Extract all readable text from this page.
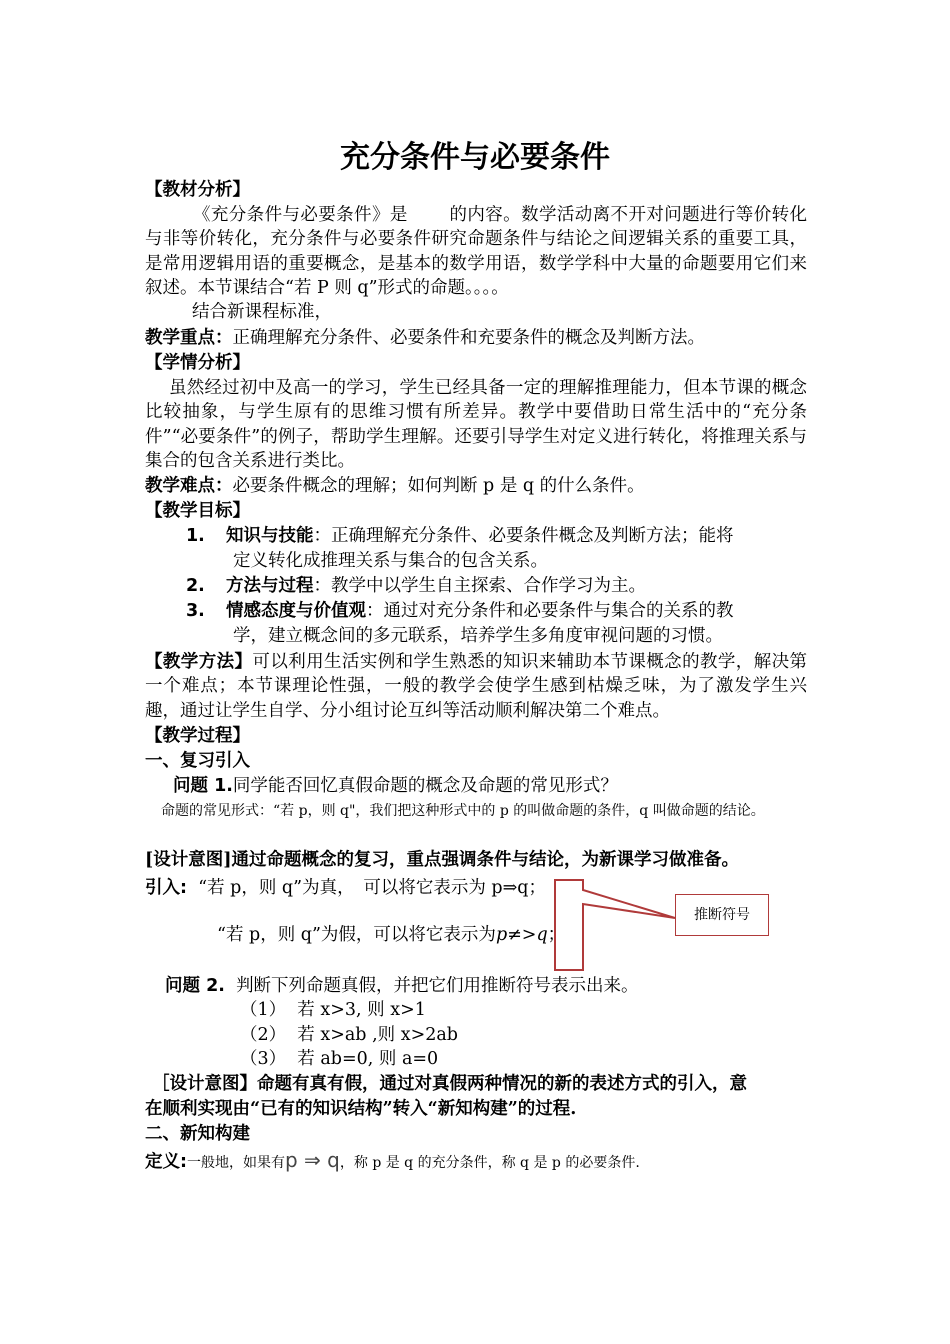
充分条件与必要条件
【教材分析】
《充分条件与必要条件》是 　　的内容。数学活动离不开对问题进行等价转化与非等价转化，充分条件与必要条件研究命题条件与结论之间逻辑关系的重要工具，是常用逻辑用语的重要概念，是基本的数学用语，数学学科中大量的命题要用它们来叙述。本节课结合“若 P 则 q”形式的命题。。。。
结合新课程标准，
教学重点：正确理解充分条件、必要条件和充要条件的概念及判断方法。
【学情分析】
虽然经过初中及高一的学习，学生已经具备一定的理解推理能力，但本节课的概念比较抽象，与学生原有的思维习惯有所差异。教学中要借助日常生活中的“充分条件”“必要条件”的例子，帮助学生理解。还要引导学生对定义进行转化，将推理关系与集合的包含关系进行类比。
教学难点：必要条件概念的理解；如何判断 p 是 q 的什么条件。
【教学目标】
1. 知识与技能：正确理解充分条件、必要条件概念及判断方法；能将
定义转化成推理关系与集合的包含关系。
2. 方法与过程：教学中以学生自主探索、合作学习为主。
3. 情感态度与价值观：通过对充分条件和必要条件与集合的关系的教
学，建立概念间的多元联系，培养学生多角度审视问题的习惯。
【教学方法】可以利用生活实例和学生熟悉的知识来辅助本节课概念的教学，解决第一个难点；本节课理论性强，一般的教学会使学生感到枯燥乏味，为了激发学生兴趣，通过让学生自学、分小组讨论互纠等活动顺利解决第二个难点。
【教学过程】
一、复习引入
问题 1.同学能否回忆真假命题的概念及命题的常见形式？
命题的常见形式：“若 p，则 q"，我们把这种形式中的 p 的叫做命题的条件，q 叫做命题的结论。
[设计意图]通过命题概念的复习，重点强调条件与结论，为新课学习做准备。
引入: “若 p，则 q”为真，　可以将它表示为 p⇒q；
“若 p，则 q”为假，可以将它表示为p≠>q；
推断符号
问题 2. 判断下列命题真假，并把它们用推断符号表示出来。
（1） 若 x>3, 则 x>1
（2） 若 x>ab ,则 x>2ab
（3） 若 ab=0, 则 a=0
［设计意图】命题有真有假，通过对真假两种情况的新的表述方式的引入，意
在顺利实现由“已有的知识结构”转入“新知构建”的过程.
二、新知构建
定义:一般地，如果有p ⇒ q，称 p 是 q 的充分条件，称 q 是 p 的必要条件.
